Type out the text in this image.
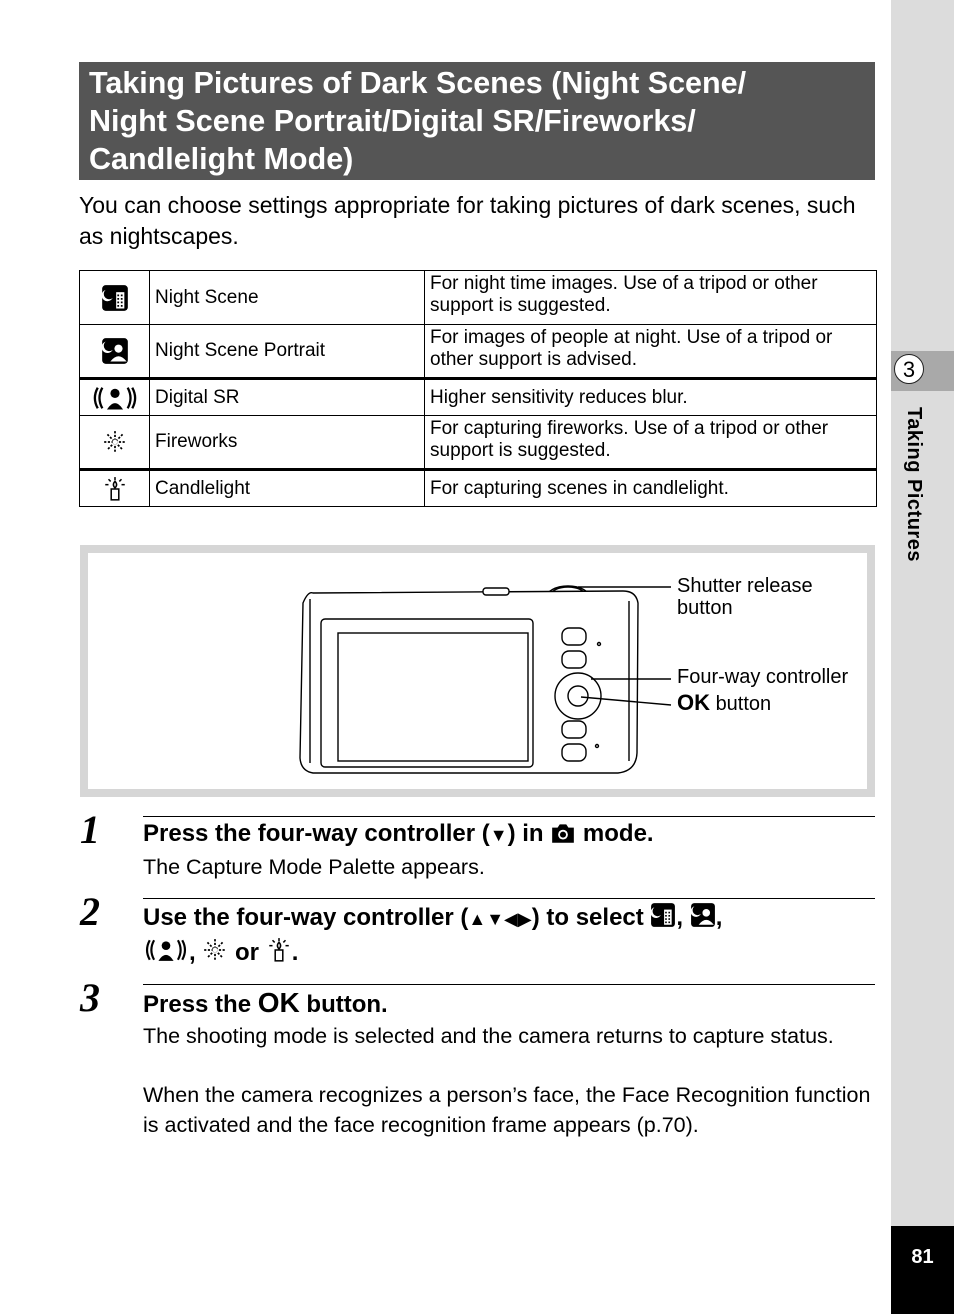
3
Taking Pictures
81
Taking Pictures of Dark Scenes (Night Scene/
Night Scene Portrait/Digital SR/Fireworks/
Candlelight Mode)

You can choose settings appropriate for taking pictures of dark scenes, such as nightscapes.

	Night Scene	For night time images. Use of a tripod or other support is suggested.
	Night Scene Portrait	For images of people at night. Use of a tripod or other support is advised.
	Digital SR	Higher sensitivity reduces blur.
	Fireworks	For capturing fireworks. Use of a tripod or other support is suggested.
	Candlelight	For capturing scenes in candlelight.
Shutter release
button
Four-way controller
OK button
1 Press the four-way controller (▼) in mode.

The Capture Mode Palette appears.

2 Use the four-way controller (▲▼◀▶) to select , ,
, or .

3 Press the OK button.

The shooting mode is selected and the camera returns to capture status.

When the camera recognizes a person’s face, the Face Recognition function is activated and the face recognition frame appears (p.70).
